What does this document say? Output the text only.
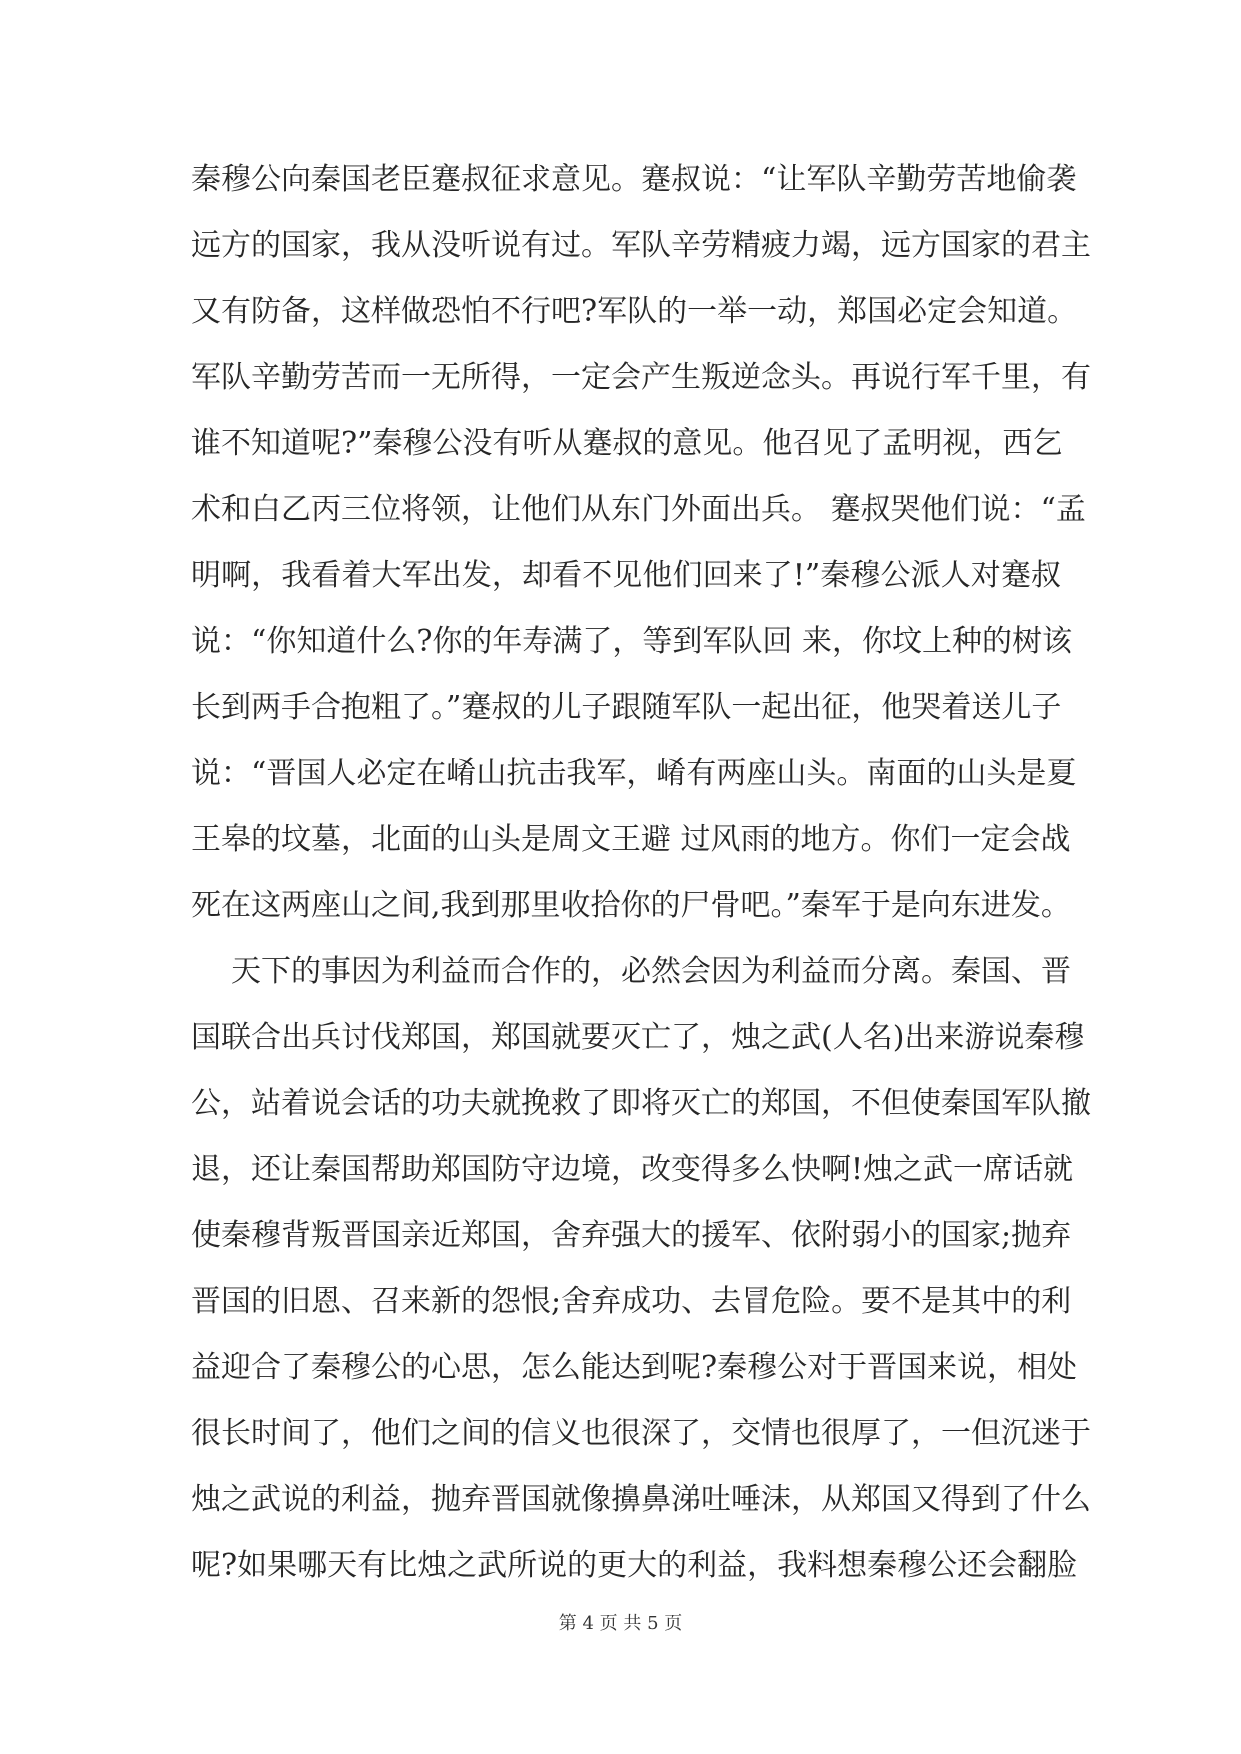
秦穆公向秦国老臣蹇叔征求意见。蹇叔说：“让军队辛勤劳苦地偷袭
远方的国家，我从没听说有过。军队辛劳精疲力竭，远方国家的君主
又有防备，这样做恐怕不行吧?军队的一举一动，郑国必定会知道。
军队辛勤劳苦而一无所得，一定会产生叛逆念头。再说行军千里，有
谁不知道呢?”秦穆公没有听从蹇叔的意见。他召见了孟明视，西乞
术和白乙丙三位将领，让他们从东门外面出兵。 蹇叔哭他们说：“孟
明啊，我看着大军出发，却看不见他们回来了!”秦穆公派人对蹇叔
说：“你知道什么?你的年寿满了，等到军队回 来，你坟上种的树该
长到两手合抱粗了。”蹇叔的儿子跟随军队一起出征，他哭着送儿子
说：“晋国人必定在崤山抗击我军，崤有两座山头。南面的山头是夏
王皋的坟墓，北面的山头是周文王避 过风雨的地方。你们一定会战
死在这两座山之间,我到那里收拾你的尸骨吧。”秦军于是向东进发。
天下的事因为利益而合作的，必然会因为利益而分离。秦国、晋
国联合出兵讨伐郑国，郑国就要灭亡了，烛之武(人名)出来游说秦穆
公，站着说会话的功夫就挽救了即将灭亡的郑国，不但使秦国军队撤
退，还让秦国帮助郑国防守边境，改变得多么快啊!烛之武一席话就
使秦穆背叛晋国亲近郑国，舍弃强大的援军、依附弱小的国家;抛弃
晋国的旧恩、召来新的怨恨;舍弃成功、去冒危险。要不是其中的利
益迎合了秦穆公的心思，怎么能达到呢?秦穆公对于晋国来说，相处
很长时间了，他们之间的信义也很深了，交情也很厚了，一但沉迷于
烛之武说的利益，抛弃晋国就像擤鼻涕吐唾沫，从郑国又得到了什么
呢?如果哪天有比烛之武所说的更大的利益，我料想秦穆公还会翻脸
第 4 页 共 5 页
